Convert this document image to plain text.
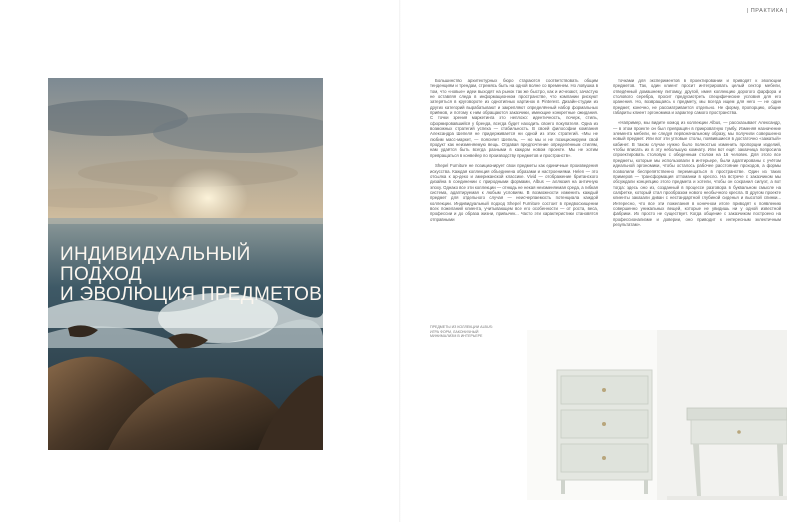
| ПРАКТИКА |
ИНДИВИДУАЛЬНЫЙ ПОДХОД
И ЭВОЛЮЦИЯ ПРЕДМЕТОВ

Большинство архитектурных бюро стараются соответствовать общим тенденциям и трендам, стремясь быть на одной волне со временем. Но ловушка в том, что «новые» идеи выходят на рынок так же быстро, как и исчезают, зачастую не оставляя следа в информационном пространстве, что компании рискуют затеряться в круговороте из однотипных картинок в Pinterest. Дизайн-студии из других категорий вырабатывают и закрепляют определённый набор формальных приёмов, и потому к ним обращаются заказчики, имеющие конкретные ожидания. С точки зрения маркетинга это неплохо: идентичность, почерк, стиль, сформировавшийся у бренда, всегда будет находить своего покупателя. Одна из возможных стратегий успеха — стабильность. В своей философии компания Александра Шепеля не придерживается ни одной из этих стратегий. «Мы не любим масс-маркет, — поясняет Шепель, — но мы и не позиционируем свой продукт как неизменяемую вещь. Отдавая предпочтение определённым стилям, нам удаётся быть всегда разными в каждом новом проекте. Мы не хотим превращаться в конвейер по производству предметов и пространств».

Shepel Furniture не позиционирует свои предметы как единичные произведения искусства. Каждая коллекция объединена образами и настроениями. Helen — это отсылка к ар-деко и американской классике. Vivid — отображение британского дизайна в соединении с природными формами, Albus — аллюзия на античную эпоху. Однако все эти коллекции — отнюдь не некая неизменяемая среда, а гибкая система, адаптируемая к любым условиям. В возможности изменить каждый предмет для отдельного случая — неисчерпаемость потенциала каждой коллекции. Индивидуальный подход Shepel Furniture состоит в предвосхищении всех пожеланий клиента, учитывающем все его особенности — от роста, веса, профессии и до образа жизни, привычек... Часто эти характеристики становятся отправными

точками для экспериментов в проектировании и приводят к эволюции предметов. Так, один клиент просит интегрировать целый сектор мебели, отведённый домашнему питомцу, другой, имея коллекцию дорогого фарфора и столового серебра, просит предусмотреть специфические условия для его хранения. Но, возвращаясь к предмету, мы всегда ищем для него — не один предмет, конечно, не рассматривается отдельно. Не форму, пропорцию, общие габариты клиент эргономика и характер самого пространства.

«Например, мы видите комод из коллекции Albus, — рассказывает Александр, — в этом проекте он был превращён в прикроватную тумбу. Изменяя назначение элемента мебели, не следуя первоначальному образу, мы получили совершенно новый предмет. Или вот эти угловые столы, появившиеся в достаточно «зажатый» кабинет. В таком случае нужно было полностью изменить пропорции изделий, чтобы вписать их в эту небольшую комнату. Или вот ещё: заказчица попросила спроектировать столовую с обеденным столом на 16 человек. Для этого все предметы, которые мы использовали в интерьере, были адаптированы с учётом идеальной эргономики, чтобы осталось рабочее расстояние проходов, а формы позволили беспрепятственно перемещаться в пространстве. Один из таких примеров — трансформация оттоманки в кресло. На встрече с заказчиком мы обсуждали концепцию этого предмета и хотели, чтобы он сохранил силуэт, а вот тогда: здесь оно из, созданный в процессе разговора в буквальном смысле на салфетке, который стал прообразом нового необычного кресла. В другом проекте клиенты заказали диван с нестандартной глубиной сиденья и высотой спинки... Интересно, что все эти пожелания в конечном итоге приводят к появлению совершенно уникальных вещей, которые не увидишь ни у одной известной фабрики. Их просто не существует. Когда общение с заказчиком построено на профессионализме и доверии, оно приводит к интересным эклектичным результатам».

ПРЕДМЕТЫ ИЗ КОЛЛЕКЦИИ ALBUS: ИГРА ФОРМ, ЛАКОНИЧНЫЙ МИНИМАЛИЗМ В ИНТЕРЬЕРЕ
